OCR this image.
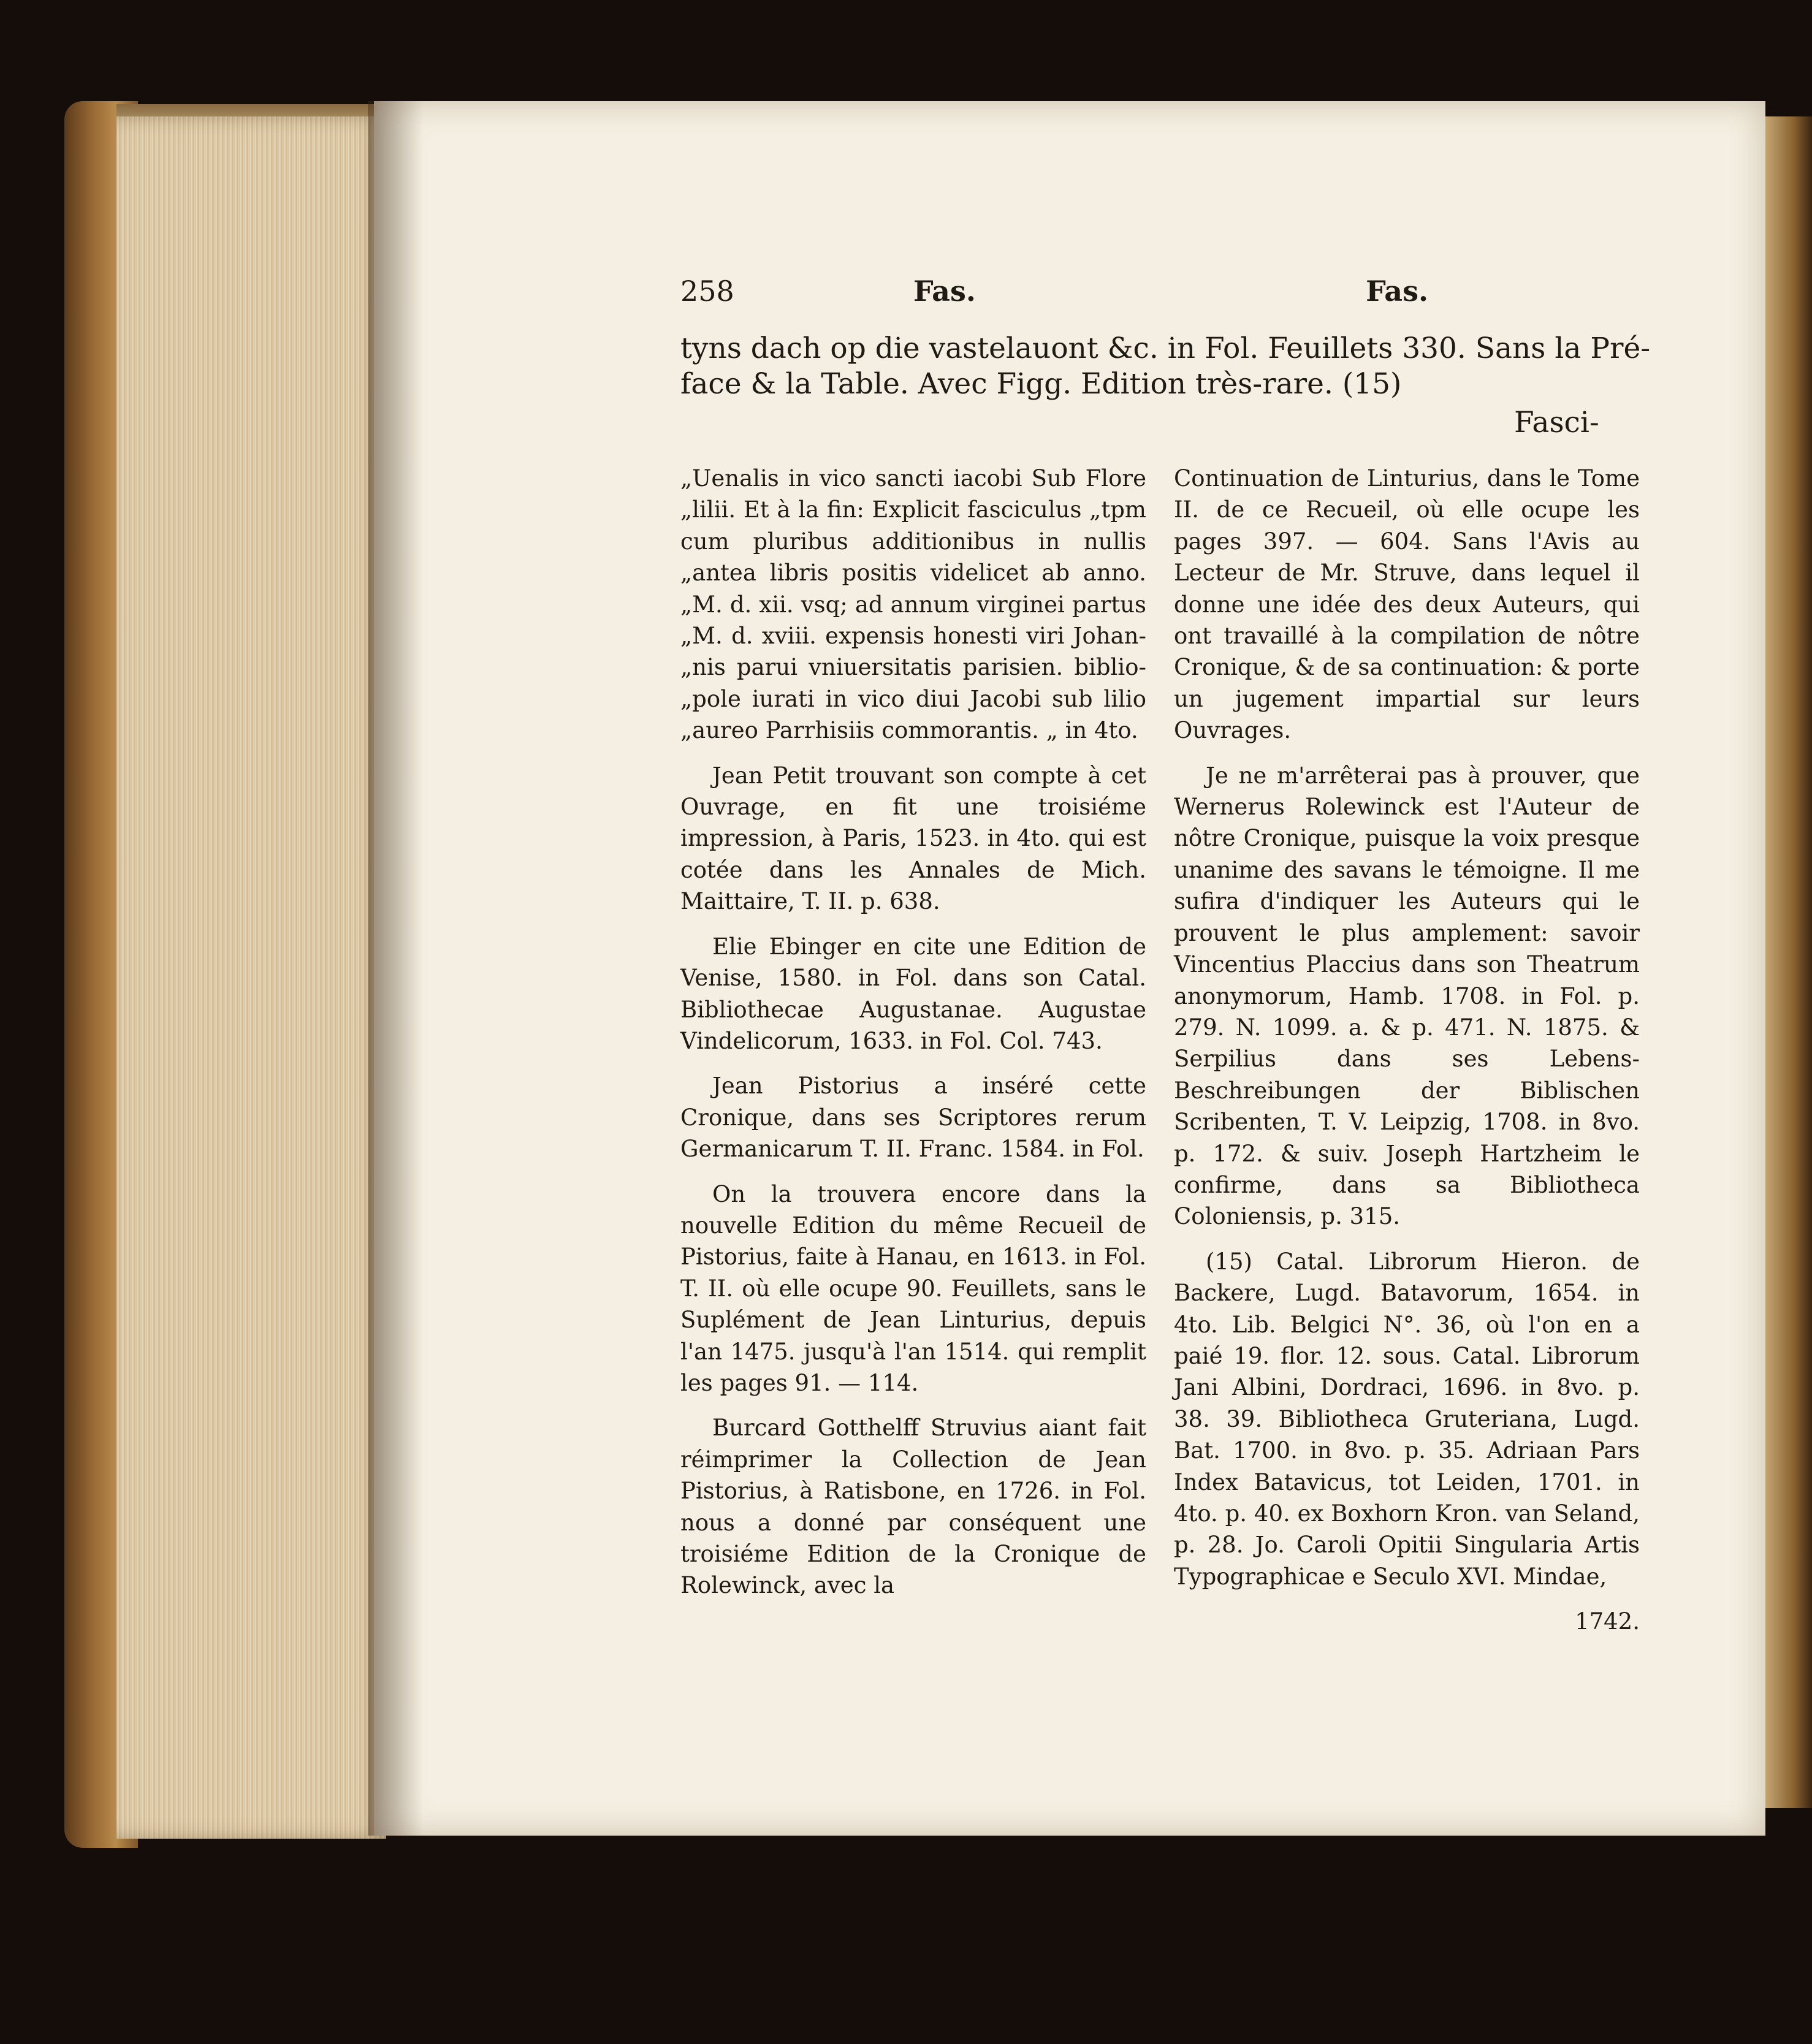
258	Fas.	Fas.
tyns dach op die vastelauont &c. in Fol. Feuillets 330. Sans la Pré-
face & la Table. Avec Figg. Edition très-rare. (15)
Fasci-

„Uenalis in vico sancti iacobi Sub Flore „lilii. Et à la fin: Explicit fasciculus „tpm cum pluribus additionibus in nullis „antea libris positis videlicet ab anno. „M. d. xii. vsq; ad annum virginei partus „M. d. xviii. expensis honesti viri Johan- „nis parui vniuersitatis parisien. biblio- „pole iurati in vico diui Jacobi sub lilio „aureo Parrhisiis commorantis. „ in 4to.

Jean Petit trouvant son compte à cet Ouvrage, en fit une troisiéme impression, à Paris, 1523. in 4to. qui est cotée dans les Annales de Mich. Maittaire, T. II. p. 638.

Elie Ebinger en cite une Edition de Venise, 1580. in Fol. dans son Catal. Bibliothecae Augustanae. Augustae Vindelicorum, 1633. in Fol. Col. 743.

Jean Pistorius a inséré cette Cronique, dans ses Scriptores rerum Germanicarum T. II. Franc. 1584. in Fol.

On la trouvera encore dans la nouvelle Edition du même Recueil de Pistorius, faite à Hanau, en 1613. in Fol. T. II. où elle ocupe 90. Feuillets, sans le Suplément de Jean Linturius, depuis l'an 1475. jusqu'à l'an 1514. qui remplit les pages 91. — 114.

Burcard Gotthelff Struvius aiant fait réimprimer la Collection de Jean Pistorius, à Ratisbone, en 1726. in Fol. nous a donné par conséquent une troisiéme Edition de la Cronique de Rolewinck, avec la

Continuation de Linturius, dans le Tome II. de ce Recueil, où elle ocupe les pages 397. — 604. Sans l'Avis au Lecteur de Mr. Struve, dans lequel il donne une idée des deux Auteurs, qui ont travaillé à la compilation de nôtre Cronique, & de sa continuation: & porte un jugement impartial sur leurs Ouvrages.

Je ne m'arrêterai pas à prouver, que Wernerus Rolewinck est l'Auteur de nôtre Cronique, puisque la voix presque unanime des savans le témoigne. Il me sufira d'indiquer les Auteurs qui le prouvent le plus amplement: savoir Vincentius Placcius dans son Theatrum anonymorum, Hamb. 1708. in Fol. p. 279. N. 1099. a. & p. 471. N. 1875. & Serpilius dans ses Lebens-Beschreibungen der Biblischen Scribenten, T. V. Leipzig, 1708. in 8vo. p. 172. & suiv. Joseph Hartzheim le confirme, dans sa Bibliotheca Coloniensis, p. 315.

(15) Catal. Librorum Hieron. de Backere, Lugd. Batavorum, 1654. in 4to. Lib. Belgici N°. 36, où l'on en a paié 19. flor. 12. sous. Catal. Librorum Jani Albini, Dordraci, 1696. in 8vo. p. 38. 39. Bibliotheca Gruteriana, Lugd. Bat. 1700. in 8vo. p. 35. Adriaan Pars Index Batavicus, tot Leiden, 1701. in 4to. p. 40. ex Boxhorn Kron. van Seland, p. 28. Jo. Caroli Opitii Singularia Artis Typographicae e Seculo XVI. Mindae,

1742.
